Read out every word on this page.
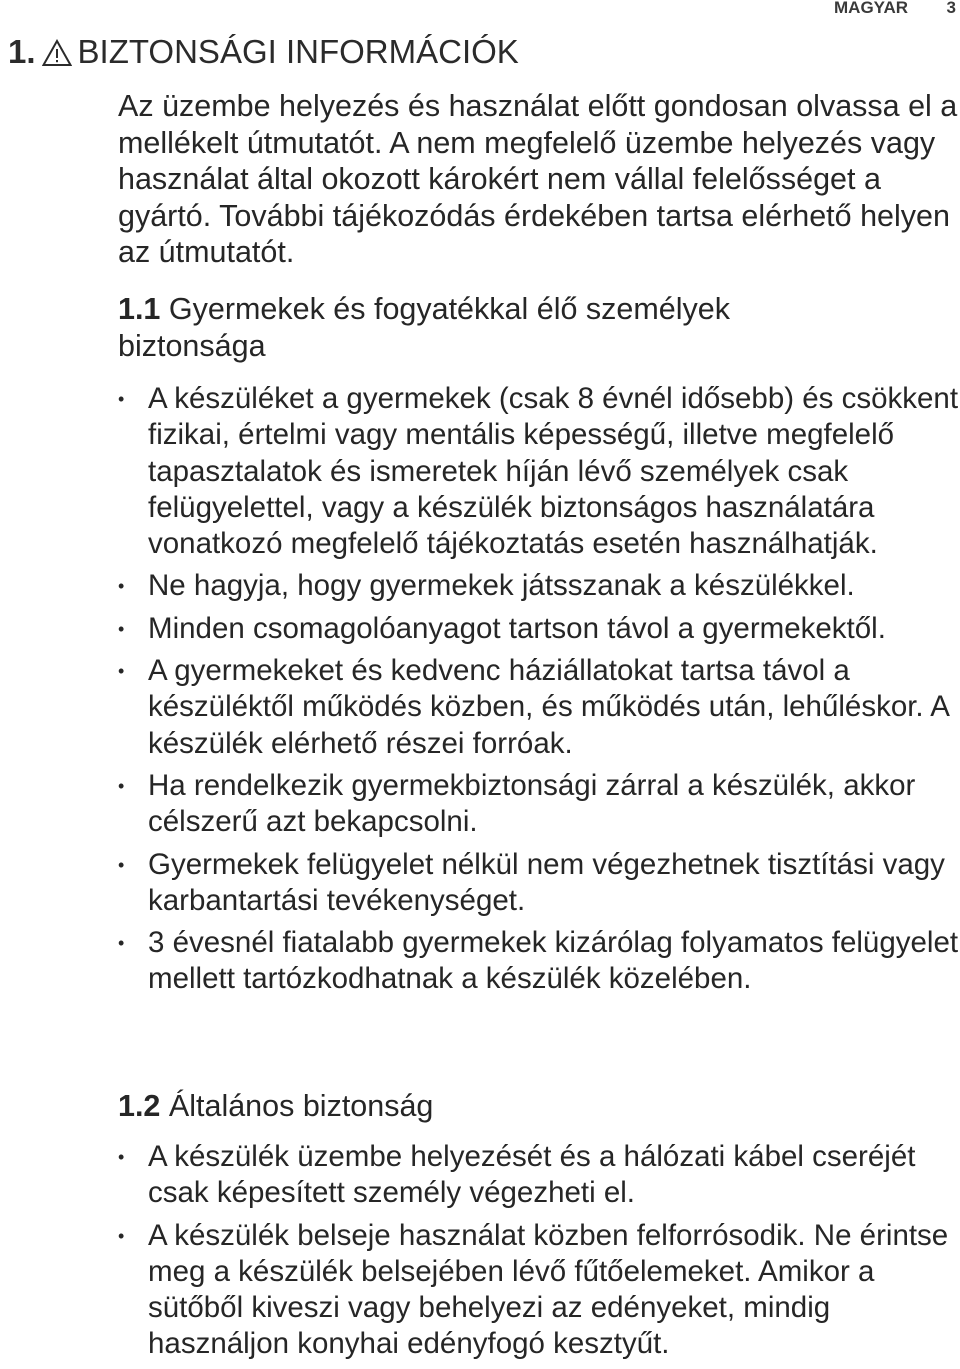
MAGYAR 3
1. BIZTONSÁGI INFORMÁCIÓK
Az üzembe helyezés és használat előtt gondosan olvassa el a mellékelt útmutatót. A nem megfelelő üzembe helyezés vagy használat által okozott károkért nem vállal felelősséget a gyártó. További tájékozódás érdekében tartsa elérhető helyen az útmutatót.
1.1 Gyermekek és fogyatékkal élő személyek biztonsága
• A készüléket a gyermekek (csak 8 évnél idősebb) és csökkent fizikai, értelmi vagy mentális képességű, illetve megfelelő tapasztalatok és ismeretek híján lévő személyek csak felügyelettel, vagy a készülék biztonságos használatára vonatkozó megfelelő tájékoztatás esetén használhatják.
• Ne hagyja, hogy gyermekek játsszanak a készülékkel.
• Minden csomagolóanyagot tartson távol a gyermekektől.
• A gyermekeket és kedvenc háziállatokat tartsa távol a készüléktől működés közben, és működés után, lehűléskor. A készülék elérhető részei forróak.
• Ha rendelkezik gyermekbiztonsági zárral a készülék, akkor célszerű azt bekapcsolni.
• Gyermekek felügyelet nélkül nem végezhetnek tisztítási vagy karbantartási tevékenységet.
• 3 évesnél fiatalabb gyermekek kizárólag folyamatos felügyelet mellett tartózkodhatnak a készülék közelében.
1.2 Általános biztonság
• A készülék üzembe helyezését és a hálózati kábel cseréjét csak képesített személy végezheti el.
• A készülék belseje használat közben felforrósodik. Ne érintse meg a készülék belsejében lévő fűtőelemeket. Amikor a sütőből kiveszi vagy behelyezi az edényeket, mindig használjon konyhai edényfogó kesztyűt.
